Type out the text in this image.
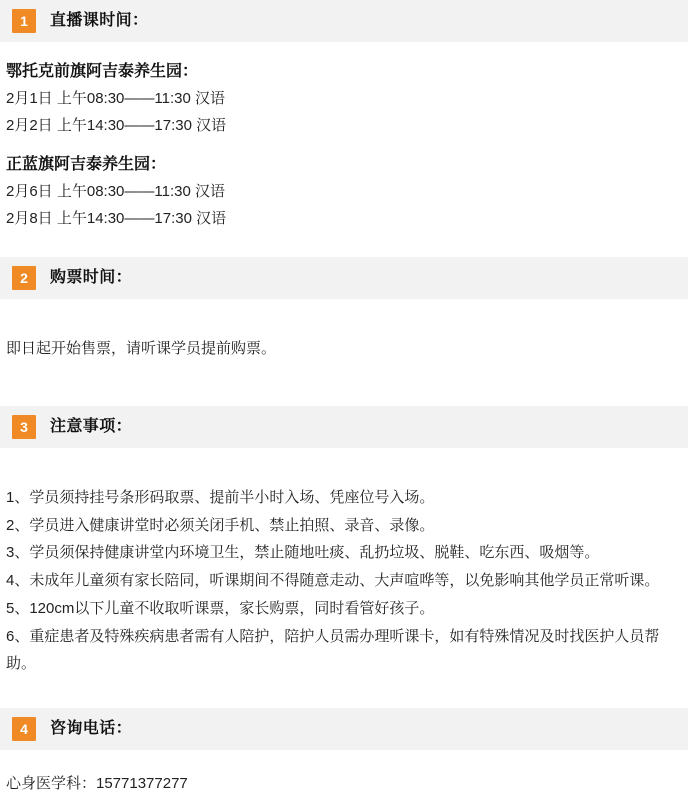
1	直播课时间：
鄂托克前旗阿吉泰养生园：
2月1日 上午08:30——11:30 汉语
2月2日 上午14:30——17:30 汉语
正蓝旗阿吉泰养生园：
2月6日 上午08:30——11:30 汉语
2月8日 上午14:30——17:30 汉语
2	购票时间：
即日起开始售票，请听课学员提前购票。
3	注意事项：
1、学员须持挂号条形码取票、提前半小时入场、凭座位号入场。
2、学员进入健康讲堂时必须关闭手机、禁止拍照、录音、录像。
3、学员须保持健康讲堂内环境卫生，禁止随地吐痰、乱扔垃圾、脱鞋、吃东西、吸烟等。
4、未成年儿童须有家长陪同，听课期间不得随意走动、大声喧哗等，以免影响其他学员正常听课。
5、120cm以下儿童不收取听课票，家长购票，同时看管好孩子。
6、重症患者及特殊疾病患者需有人陪护，陪护人员需办理听课卡，如有特殊情况及时找医护人员帮助。
4	咨询电话：
心身医学科：15771377277
